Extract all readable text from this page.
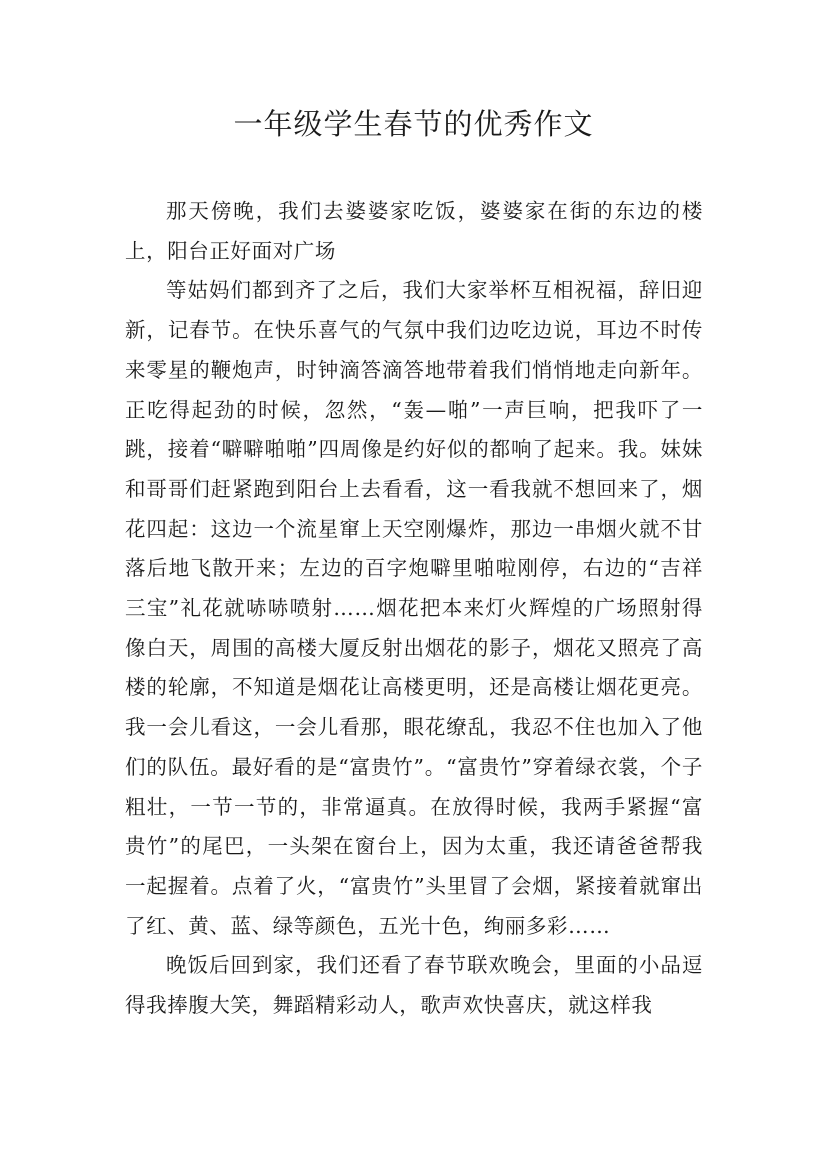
一年级学生春节的优秀作文

那天傍晚，我们去婆婆家吃饭，婆婆家在街的东边的楼上，阳台正好面对广场

等姑妈们都到齐了之后，我们大家举杯互相祝福，辞旧迎新，记春节。在快乐喜气的气氛中我们边吃边说，耳边不时传来零星的鞭炮声，时钟滴答滴答地带着我们悄悄地走向新年。正吃得起劲的时候，忽然，“轰—啪”一声巨响，把我吓了一跳，接着“噼噼啪啪”四周像是约好似的都响了起来。我。妹妹和哥哥们赶紧跑到阳台上去看看，这一看我就不想回来了，烟花四起：这边一个流星窜上天空刚爆炸，那边一串烟火就不甘落后地飞散开来；左边的百字炮噼里啪啦刚停，右边的“吉祥三宝”礼花就哧哧喷射……烟花把本来灯火辉煌的广场照射得像白天，周围的高楼大厦反射出烟花的影子，烟花又照亮了高楼的轮廓，不知道是烟花让高楼更明，还是高楼让烟花更亮。我一会儿看这，一会儿看那，眼花缭乱，我忍不住也加入了他们的队伍。最好看的是“富贵竹”。“富贵竹”穿着绿衣裳，个子粗壮，一节一节的，非常逼真。在放得时候，我两手紧握“富贵竹”的尾巴，一头架在窗台上，因为太重，我还请爸爸帮我一起握着。点着了火，“富贵竹”头里冒了会烟，紧接着就窜出了红、黄、蓝、绿等颜色，五光十色，绚丽多彩……

晚饭后回到家，我们还看了春节联欢晚会，里面的小品逗得我捧腹大笑，舞蹈精彩动人，歌声欢快喜庆，就这样我
